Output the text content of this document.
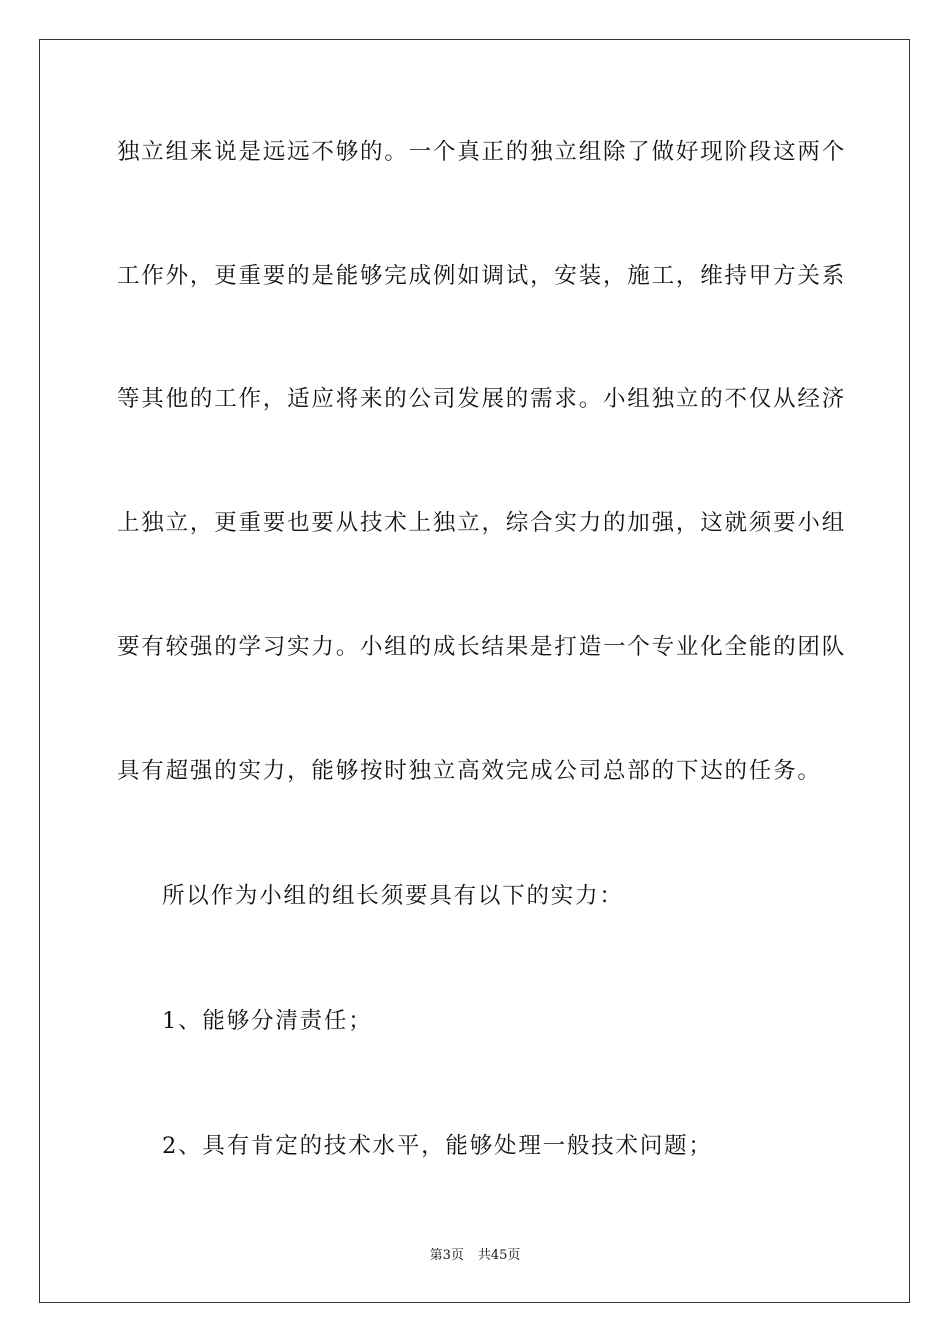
独立组来说是远远不够的。一个真正的独立组除了做好现阶段这两个
工作外，更重要的是能够完成例如调试，安装，施工，维持甲方关系
等其他的工作，适应将来的公司发展的需求。小组独立的不仅从经济
上独立，更重要也要从技术上独立，综合实力的加强，这就须要小组
要有较强的学习实力。小组的成长结果是打造一个专业化全能的团队
具有超强的实力，能够按时独立高效完成公司总部的下达的任务。
所以作为小组的组长须要具有以下的实力：
1、能够分清责任；
2、具有肯定的技术水平，能够处理一般技术问题；
第3页 共45页
